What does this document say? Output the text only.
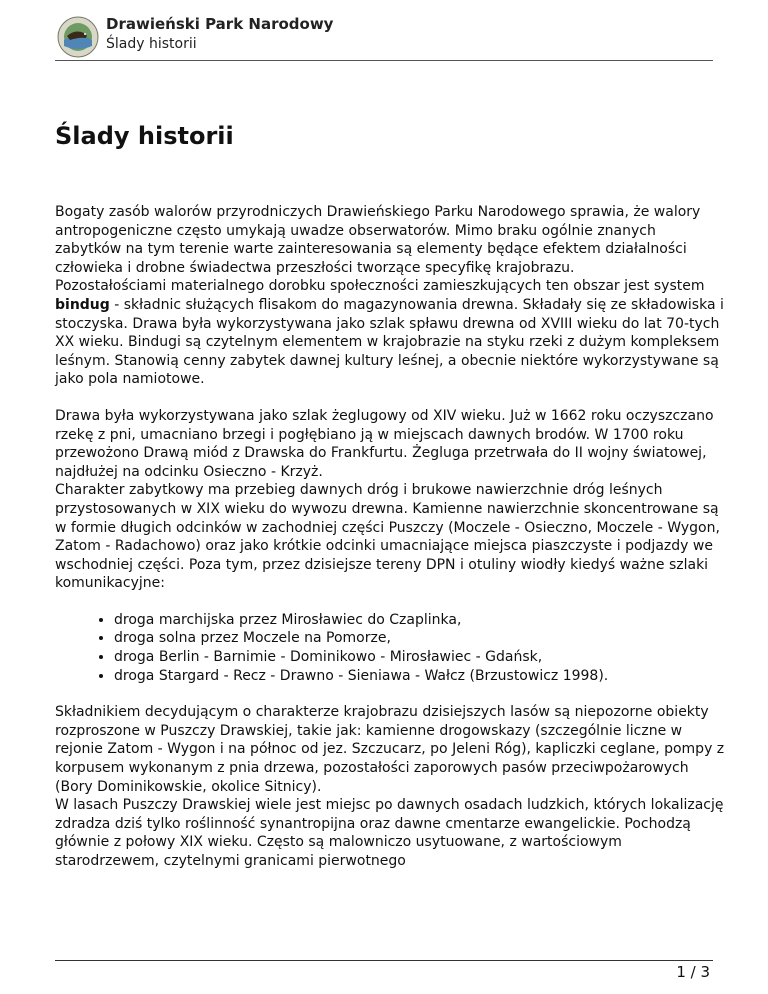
Drawieński Park Narodowy
Ślady historii
Ślady historii

Bogaty zasób walorów przyrodniczych Drawieńskiego Parku Narodowego sprawia, że walory antropogeniczne często umykają uwadze obserwatorów. Mimo braku ogólnie znanych zabytków na tym terenie warte zainteresowania są elementy będące efektem działalności człowieka i drobne świadectwa przeszłości tworzące specyfikę krajobrazu.

Pozostałościami materialnego dorobku społeczności zamieszkujących ten obszar jest system bindug - składnic służących flisakom do magazynowania drewna. Składały się ze składowiska i stoczyska. Drawa była wykorzystywana jako szlak spławu drewna od XVIII wieku do lat 70-tych XX wieku. Bindugi są czytelnym elementem w krajobrazie na styku rzeki z dużym kompleksem leśnym. Stanowią cenny zabytek dawnej kultury leśnej, a obecnie niektóre wykorzystywane są jako pola namiotowe.

Drawa była wykorzystywana jako szlak żeglugowy od XIV wieku. Już w 1662 roku oczyszczano rzekę z pni, umacniano brzegi i pogłębiano ją w miejscach dawnych brodów. W 1700 roku przewożono Drawą miód z Drawska do Frankfurtu. Żegluga przetrwała do II wojny światowej, najdłużej na odcinku Osieczno - Krzyż.

Charakter zabytkowy ma przebieg dawnych dróg i brukowe nawierzchnie dróg leśnych przystosowanych w XIX wieku do wywozu drewna. Kamienne nawierzchnie skoncentrowane są w formie długich odcinków w zachodniej części Puszczy (Moczele - Osieczno, Moczele - Wygon, Zatom - Radachowo) oraz jako krótkie odcinki umacniające miejsca piaszczyste i podjazdy we wschodniej części. Poza tym, przez dzisiejsze tereny DPN i otuliny wiodły kiedyś ważne szlaki komunikacyjne:

• droga marchijska przez Mirosławiec do Czaplinka,
• droga solna przez Moczele na Pomorze,
• droga Berlin - Barnimie - Dominikowo - Mirosławiec - Gdańsk,
• droga Stargard - Recz - Drawno - Sieniawa - Wałcz (Brzustowicz 1998).

Składnikiem decydującym o charakterze krajobrazu dzisiejszych lasów są niepozorne obiekty rozproszone w Puszczy Drawskiej, takie jak: kamienne drogowskazy (szczególnie liczne w rejonie Zatom - Wygon i na północ od jez. Szczucarz, po Jeleni Róg), kapliczki ceglane, pompy z korpusem wykonanym z pnia drzewa, pozostałości zaporowych pasów przeciwpożarowych (Bory Dominikowskie, okolice Sitnicy).

W lasach Puszczy Drawskiej wiele jest miejsc po dawnych osadach ludzkich, których lokalizację zdradza dziś tylko roślinność synantropijna oraz dawne cmentarze ewangelickie. Pochodzą głównie z połowy XIX wieku. Często są malowniczo usytuowane, z wartościowym starodrzewem, czytelnymi granicami pierwotnego

1 / 3
